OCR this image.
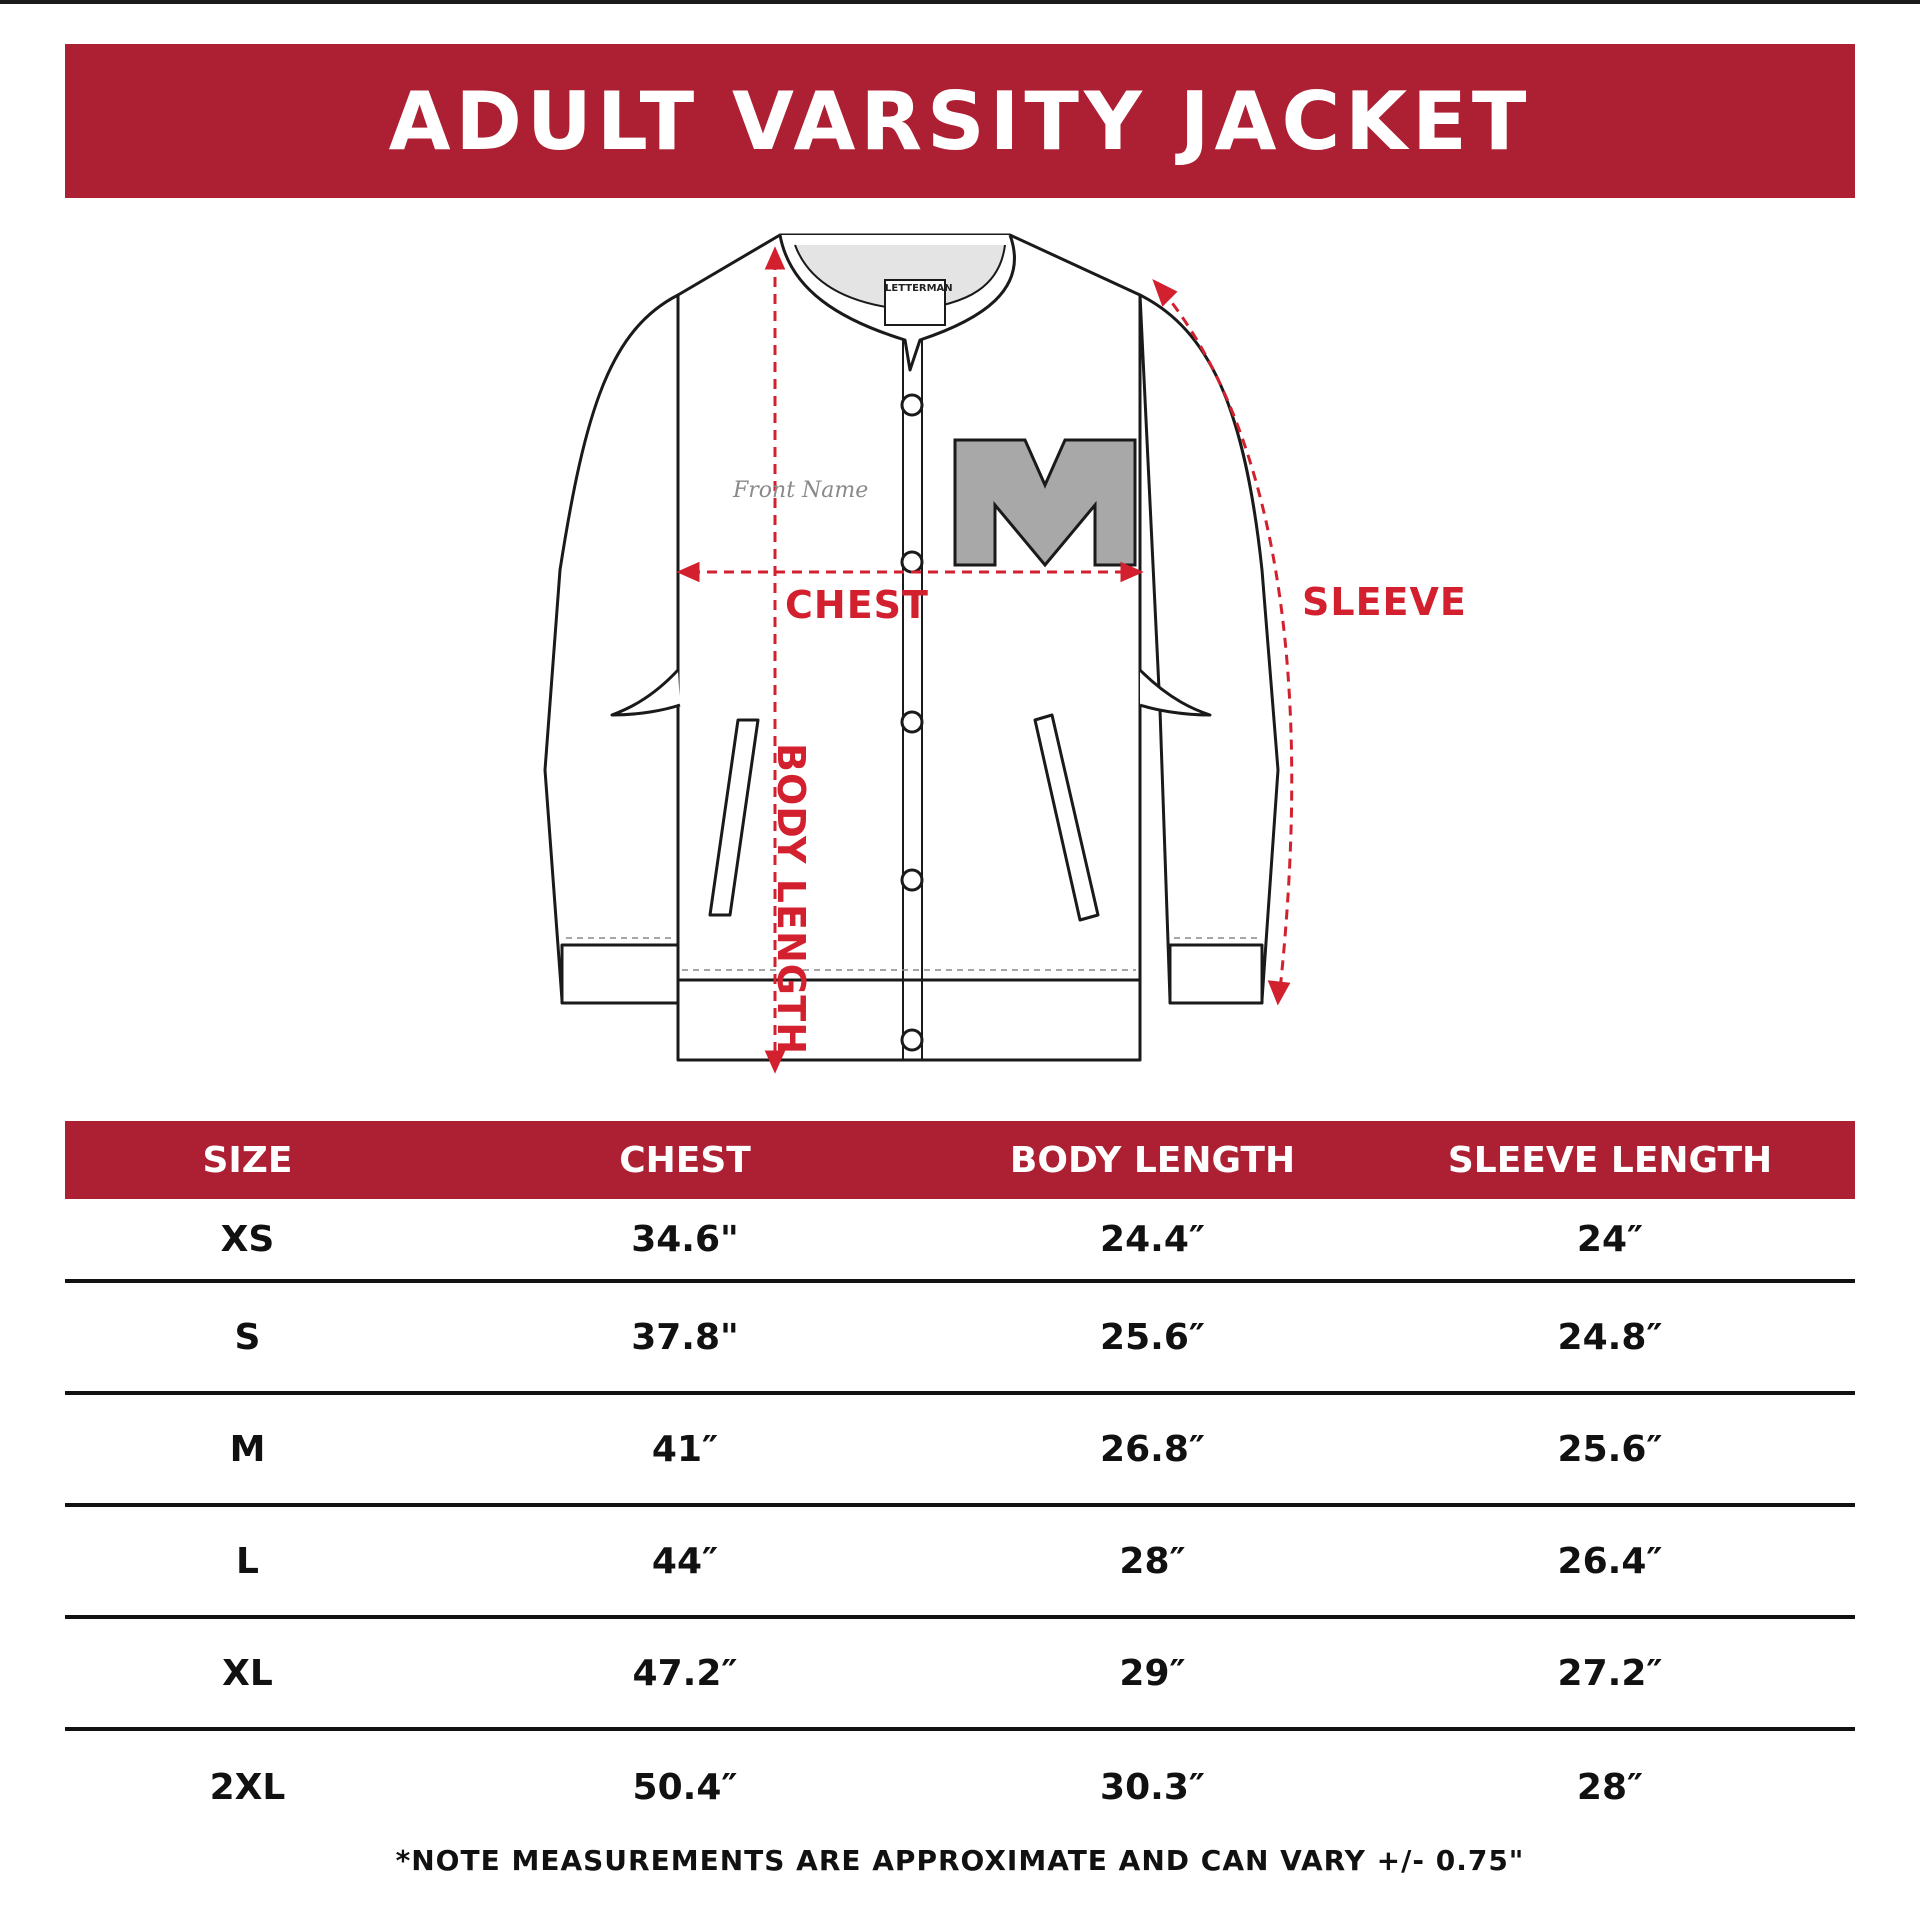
ADULT VARSITY JACKET
LETTERMAN
Front Name
CHEST	SLEEVE
BODY LENGTH
SIZE	CHEST	BODY LENGTH	SLEEVE LENGTH
XS	34.6"	24.4″	24″
S	37.8"	25.6″	24.8″
M	41″	26.8″	25.6″
L	44″	28″	26.4″
XL	47.2″	29″	27.2″
2XL	50.4″	30.3″	28″
*NOTE MEASUREMENTS ARE APPROXIMATE AND CAN VARY +/- 0.75"
